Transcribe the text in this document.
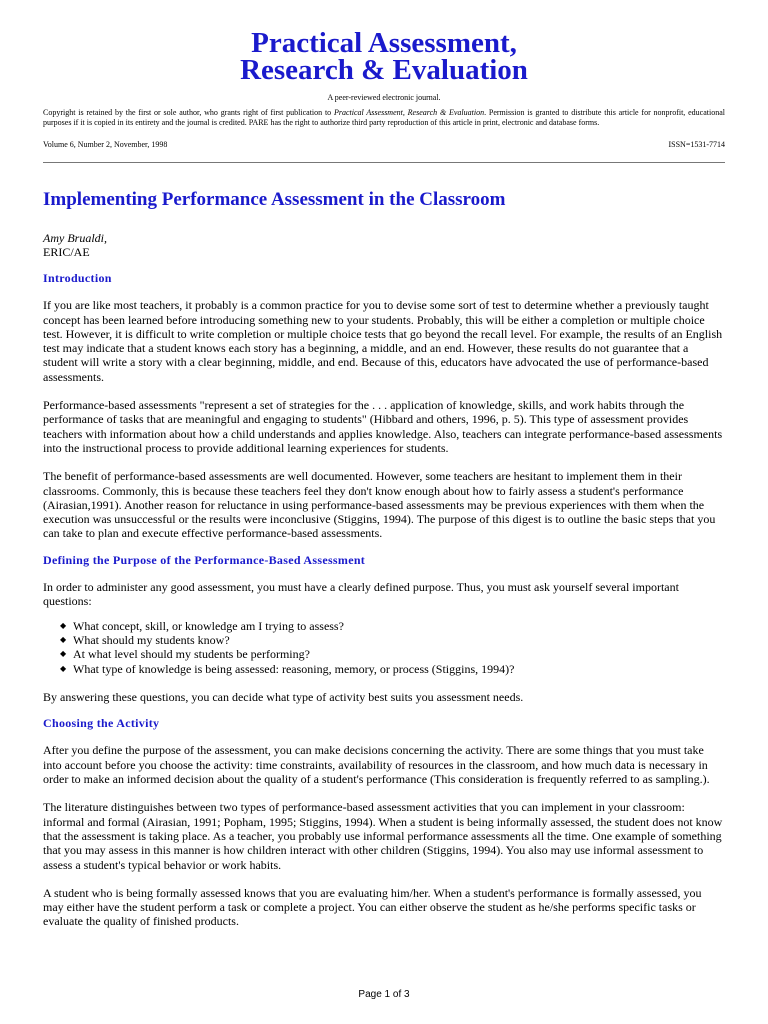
Practical Assessment,
Research & Evaluation
A peer-reviewed electronic journal.
Copyright is retained by the first or sole author, who grants right of first publication to Practical Assessment, Research & Evaluation. Permission is granted to distribute this article for nonprofit, educational purposes if it is copied in its entirety and the journal is credited. PARE has the right to authorize third party reproduction of this article in print, electronic and database forms.
Volume 6, Number 2, November, 1998	ISSN=1531-7714
Implementing Performance Assessment in the Classroom
Amy Brualdi,
ERIC/AE
Introduction

If you are like most teachers, it probably is a common practice for you to devise some sort of test to determine whether a previously taught concept has been learned before introducing something new to your students. Probably, this will be either a completion or multiple choice test. However, it is difficult to write completion or multiple choice tests that go beyond the recall level. For example, the results of an English test may indicate that a student knows each story has a beginning, a middle, and an end. However, these results do not guarantee that a student will write a story with a clear beginning, middle, and end. Because of this, educators have advocated the use of performance-based assessments.

Performance-based assessments "represent a set of strategies for the . . . application of knowledge, skills, and work habits through the performance of tasks that are meaningful and engaging to students" (Hibbard and others, 1996, p. 5). This type of assessment provides teachers with information about how a child understands and applies knowledge. Also, teachers can integrate performance-based assessments into the instructional process to provide additional learning experiences for students.

The benefit of performance-based assessments are well documented. However, some teachers are hesitant to implement them in their classrooms. Commonly, this is because these teachers feel they don't know enough about how to fairly assess a student's performance (Airasian,1991). Another reason for reluctance in using performance-based assessments may be previous experiences with them when the execution was unsuccessful or the results were inconclusive (Stiggins, 1994). The purpose of this digest is to outline the basic steps that you can take to plan and execute effective performance-based assessments.

Defining the Purpose of the Performance-Based Assessment

In order to administer any good assessment, you must have a clearly defined purpose. Thus, you must ask yourself several important questions:

◆ What concept, skill, or knowledge am I trying to assess?
◆ What should my students know?
◆ At what level should my students be performing?
◆ What type of knowledge is being assessed: reasoning, memory, or process (Stiggins, 1994)?

By answering these questions, you can decide what type of activity best suits you assessment needs.

Choosing the Activity

After you define the purpose of the assessment, you can make decisions concerning the activity. There are some things that you must take into account before you choose the activity: time constraints, availability of resources in the classroom, and how much data is necessary in order to make an informed decision about the quality of a student's performance (This consideration is frequently referred to as sampling.).

The literature distinguishes between two types of performance-based assessment activities that you can implement in your classroom: informal and formal (Airasian, 1991; Popham, 1995; Stiggins, 1994). When a student is being informally assessed, the student does not know that the assessment is taking place. As a teacher, you probably use informal performance assessments all the time. One example of something that you may assess in this manner is how children interact with other children (Stiggins, 1994). You also may use informal assessment to assess a student's typical behavior or work habits.

A student who is being formally assessed knows that you are evaluating him/her. When a student's performance is formally assessed, you may either have the student perform a task or complete a project. You can either observe the student as he/she performs specific tasks or evaluate the quality of finished products.

Page 1 of 3
